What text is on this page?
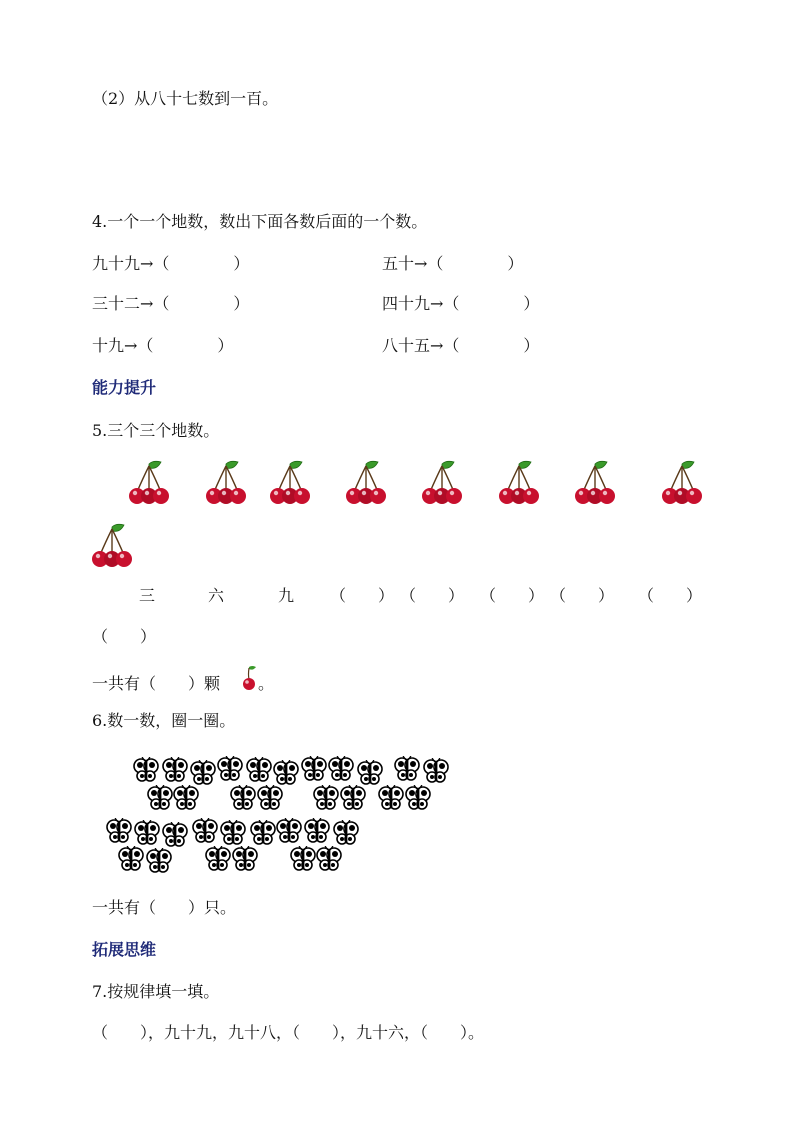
（2）从八十七数到一百。
4.一个一个地数，数出下面各数后面的一个数。
九十九→（　　　　）
三十二→（　　　　）
十九→（　　　　）
五十→（　　　　）
四十九→（　　　　）
八十五→（　　　　）
能力提升
5.三个三个地数。
三	六	九 （　　） （　　） （　　） （　　） （　　）
（　　）
一共有（　　）颗 。
6.数一数，圈一圈。
一共有（　　）只。
拓展思维
7.按规律填一填。
（　　），九十九，九十八，（　　），九十六，（　　）。
